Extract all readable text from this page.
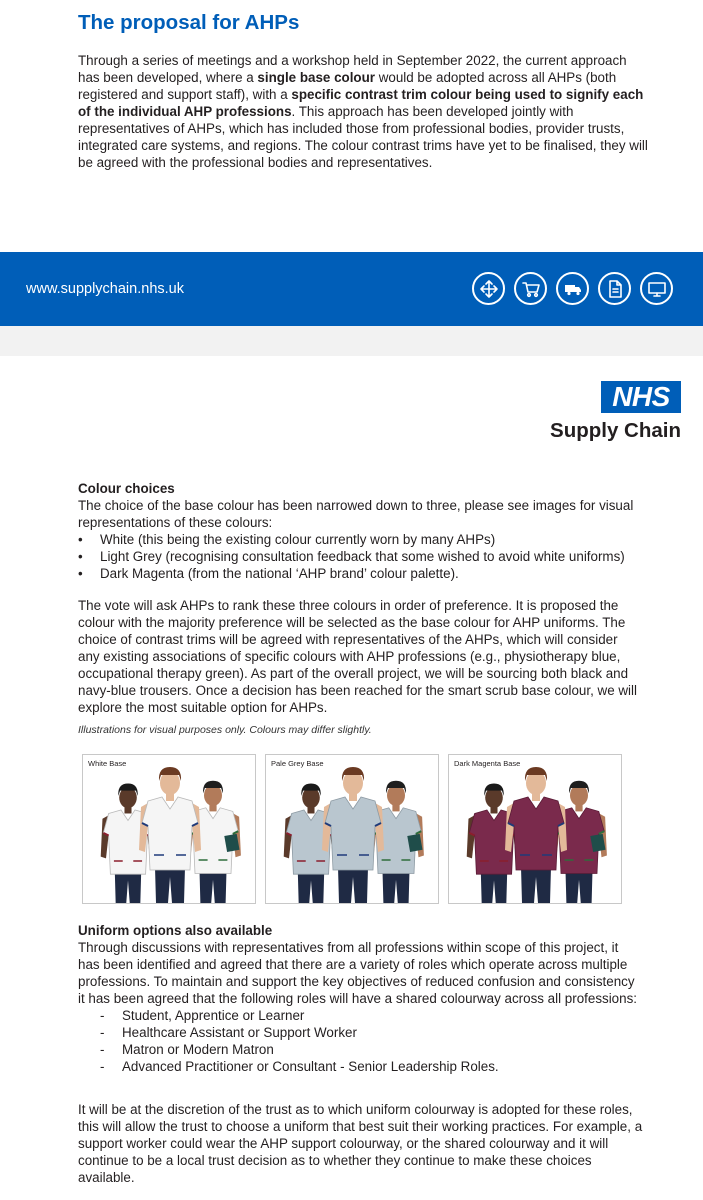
The proposal for AHPs

Through a series of meetings and a workshop held in September 2022, the current approach has been developed, where a single base colour would be adopted across all AHPs (both registered and support staff), with a specific contrast trim colour being used to signify each of the individual AHP professions. This approach has been developed jointly with representatives of AHPs, which has included those from professional bodies, provider trusts, integrated care systems, and regions. The colour contrast trims have yet to be finalised, they will be agreed with the professional bodies and representatives.

www.supplychain.nhs.uk
NHS
Supply Chain

Colour choices

The choice of the base colour has been narrowed down to three, please see images for visual representations of these colours:

• White (this being the existing colour currently worn by many AHPs)
• Light Grey (recognising consultation feedback that some wished to avoid white uniforms)
• Dark Magenta (from the national ‘AHP brand’ colour palette).

The vote will ask AHPs to rank these three colours in order of preference. It is proposed the colour with the majority preference will be selected as the base colour for AHP uniforms. The choice of contrast trims will be agreed with representatives of the AHPs, which will consider any existing associations of specific colours with AHP professions (e.g., physiotherapy blue, occupational therapy green). As part of the overall project, we will be sourcing both black and navy-blue trousers. Once a decision has been reached for the smart scrub base colour, we will explore the most suitable option for AHPs.

Illustrations for visual purposes only. Colours may differ slightly.
White Base	Pale Grey Base	Dark Magenta Base

Uniform options also available

Through discussions with representatives from all professions within scope of this project, it has been identified and agreed that there are a variety of roles which operate across multiple professions. To maintain and support the key objectives of reduced confusion and consistency it has been agreed that the following roles will have a shared colourway across all professions:

- Student, Apprentice or Learner
- Healthcare Assistant or Support Worker
- Matron or Modern Matron
- Advanced Practitioner or Consultant - Senior Leadership Roles.

It will be at the discretion of the trust as to which uniform colourway is adopted for these roles, this will allow the trust to choose a uniform that best suit their working practices. For example, a support worker could wear the AHP support colourway, or the shared colourway and it will continue to be a local trust decision as to whether they continue to make these choices available.
